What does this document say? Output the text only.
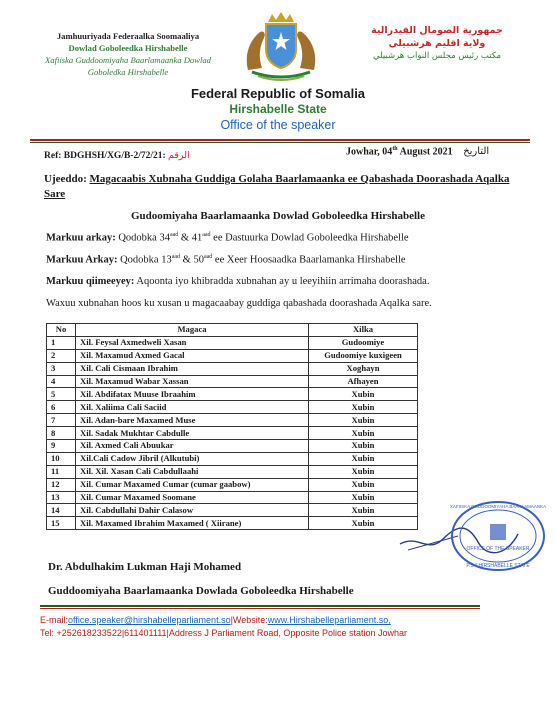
Jamhuuriyada Federaalka Soomaaliya
Dowlad Goboleedka Hirshabelle
Xafiiska Guddoomiyaha Baarlamaanka Dowlad
Goboledka Hirshabelle
جمهورية الصومال الفيدرالية
ولاية اقليم هرشبيلي
مكتب رئيس مجلس النواب هرشبيلي
Federal Republic of Somalia
Hirshabelle State
Office of the speaker
Ref: BDGHSH/XG/B-2/72/21: الرقم	Jowhar, 04th August 2021 التاريخ
Ujeeddo: Magacaabis Xubnaha Guddiga Golaha Baarlamaanka ee Qabashada Doorashada Aqalka Sare
Gudoomiyaha Baarlamaanka Dowlad Goboleedka Hirshabelle
Markuu arkay: Qodobka $34^{aad}$ & $41^{aad}$ ee Dastuurka Dowlad Goboleedka Hirshabelle
Markuu Arkay: Qodobka $13^{aad}$ & $50^{aad}$ ee Xeer Hoosaadka Baarlamanka Hirshabelle
Markuu qiimeeyey: Aqoonta iyo khibradda xubnahan ay u leeyihiin arrimaha doorashada.
Waxuu xubnahan hoos ku xusan u magacaabay guddiga qabashada doorashada Aqalka sare.
No	Magaca	Xilka
1	Xil. Feysal Axmedweli Xasan	Gudoomiye
2	Xil. Maxamud Axmed Gacal	Gudoomiye kuxigeen
3	Xil. Cali Cismaan Ibrahim	Xoghayn
4	Xil. Maxamud Wabar Xassan	Afhayen
5	Xil. Abdifatax Muuse Ibraahim	Xubin
6	Xil. Xaliima Cali Saciid	Xubin
7	Xil. Adan-bare Maxamed Muse	Xubin
8	Xil. Sadak Mukhtar Cabdulle	Xubin
9	Xil. Axmed Cali Abuukar	Xubin
10	Xil.Cali Cadow Jibril (Alkutubi)	Xubin
11	Xil. Xil. Xasan Cali Cabdullaahi	Xubin
12	Xil. Cumar Maxamed Cumar (cumar gaabow)	Xubin
13	Xil. Cumar Maxamed Soomane	Xubin
14	Xil. Cabdullahi Dahir Calasow	Xubin
15	Xil. Maxamed Ibrahim Maxamed ( Xiirane)	Xubin
OFFICE OF THE SPEAKER
XAFIISKA GUDDOOMIYAHA BAARLAMAANKA
P.S * HIRSHABELLE STATE
Dr. Abdulhakim Lukman Haji Mohamed
Guddoomiyaha Baarlamaanka Dowlada Goboleedka Hirshabelle
E-mail:office.speaker@hirshabelleparliament.so|Website:www.Hirshabelleparliament.so,
Tel: +252618233522|611401111|Address J Parliament Road, Opposite Police station Jowhar
